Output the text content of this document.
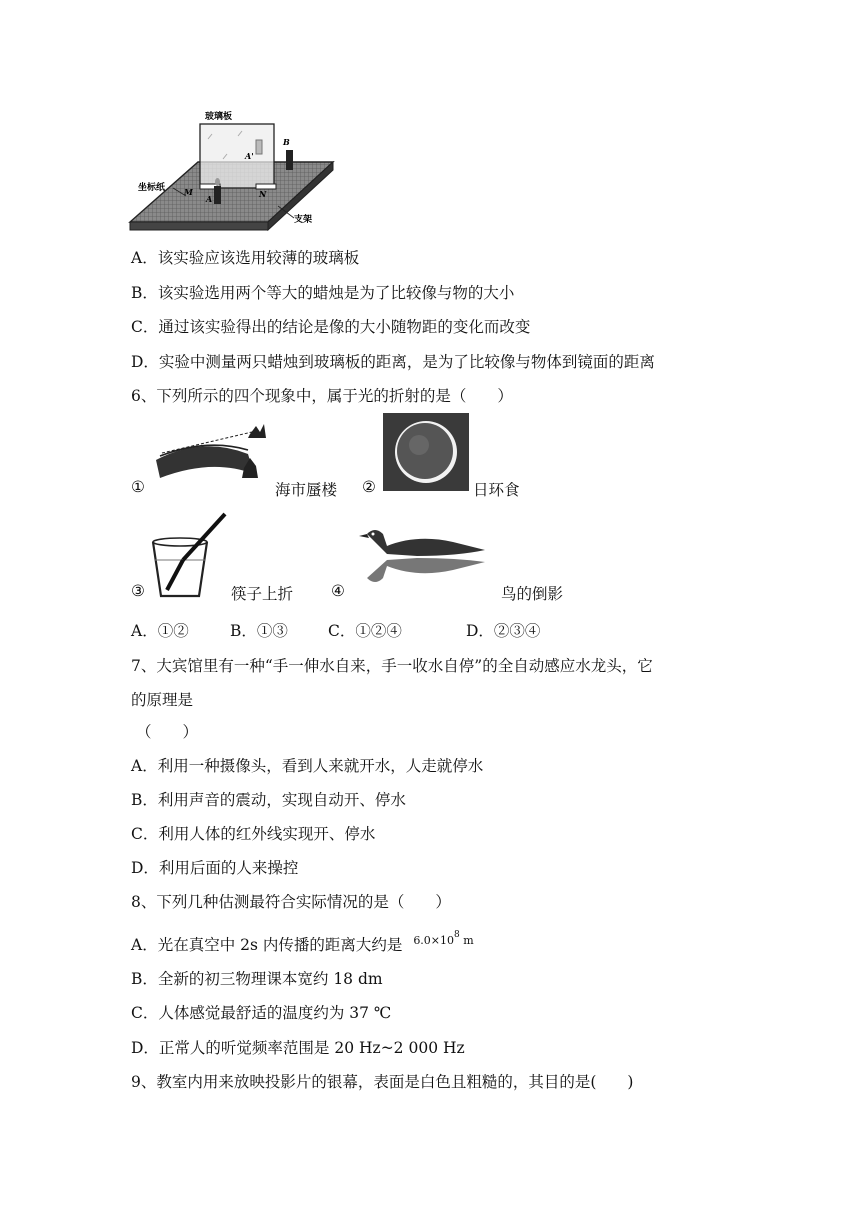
玻璃板
坐标纸
支架
A'
B
M	N
A
A．该实验应该选用较薄的玻璃板
B．该实验选用两个等大的蜡烛是为了比较像与物的大小
C．通过该实验得出的结论是像的大小随物距的变化而改变
D．实验中测量两只蜡烛到玻璃板的距离，是为了比较像与物体到镜面的距离
6、下列所示的四个现象中，属于光的折射的是（　　）
①	海市蜃楼 ②	日环食
③	筷子上折 ④	鸟的倒影
A．①②	B．①③	C．①②④	D．②③④
7、大宾馆里有一种“手一伸水自来，手一收水自停”的全自动感应水龙头，它
的原理是
（　　）
A．利用一种摄像头，看到人来就开水，人走就停水
B．利用声音的震动，实现自动开、停水
C．利用人体的红外线实现开、停水
D．利用后面的人来操控
8、下列几种估测最符合实际情况的是（　　）
A．光在真空中 2s 内传播的距离大约是 $^{6.0\times 10^8 m}$
B．全新的初三物理课本宽约 18 dm
C．人体感觉最舒适的温度约为 37 ℃
D．正常人的听觉频率范围是 20 Hz~2 000 Hz
9、教室内用来放映投影片的银幕，表面是白色且粗糙的，其目的是(　　)
